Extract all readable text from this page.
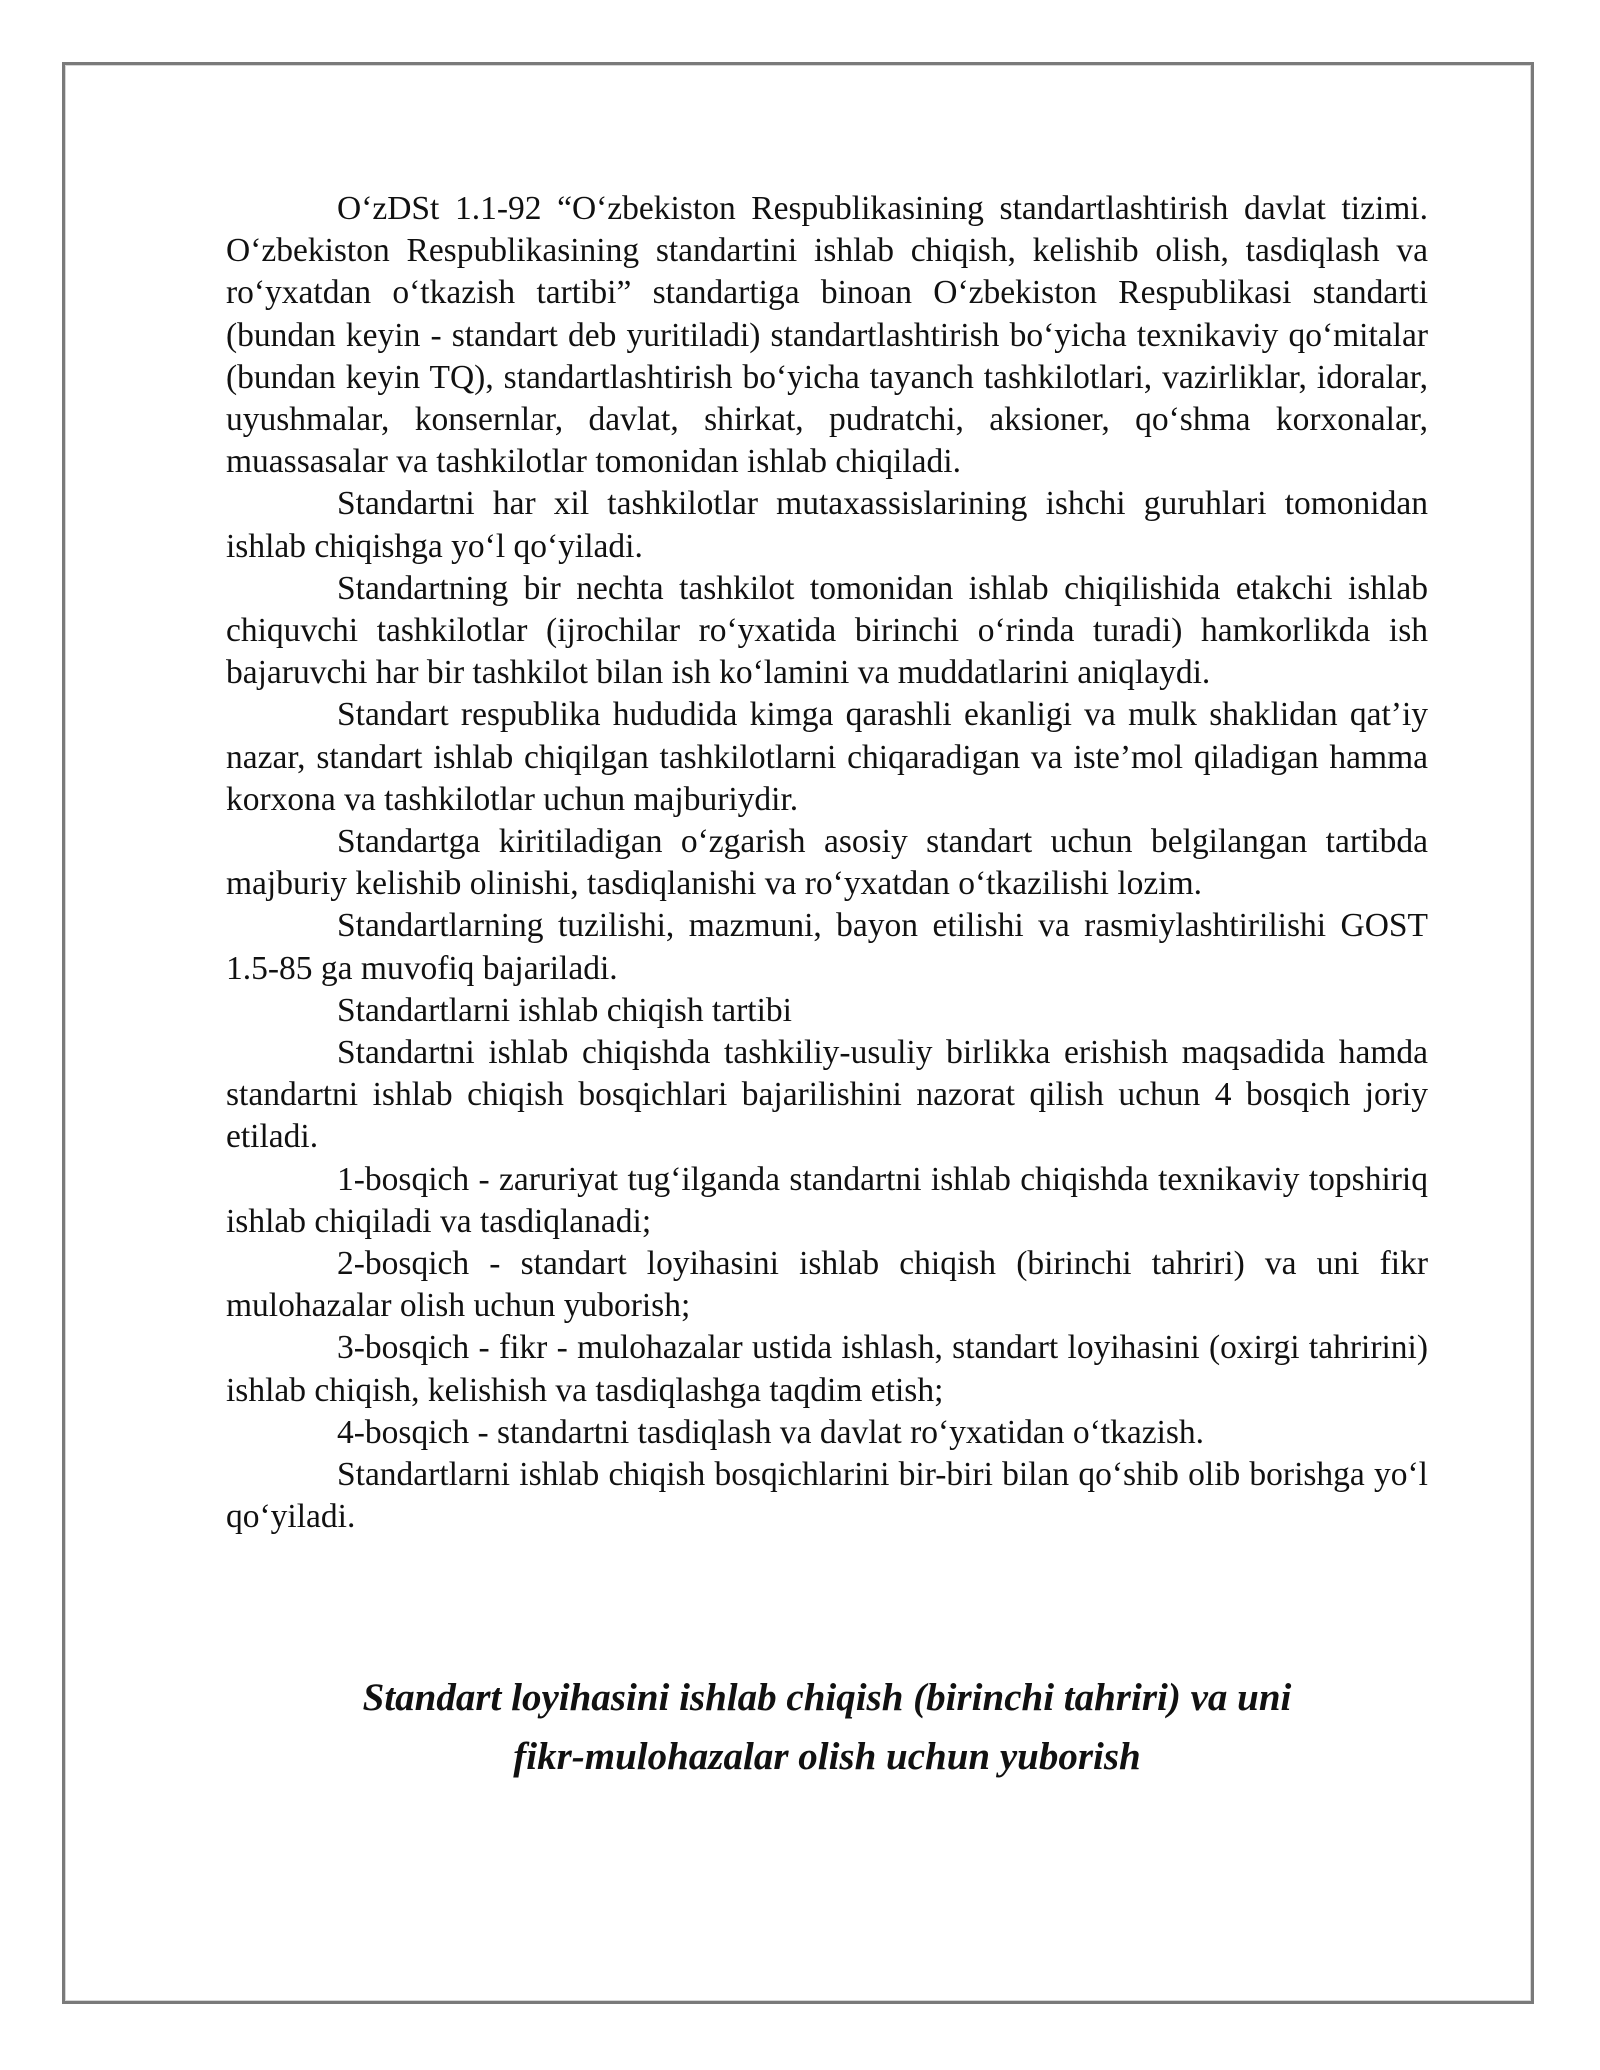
O‘zDSt 1.1-92 “O‘zbekiston Respublikasining standartlashtirish davlat tizimi. O‘zbekiston Respublikasining standartini ishlab chiqish, kelishib olish, tasdiqlash va ro‘yxatdan o‘tkazish tartibi” standartiga binoan O‘zbekiston Respublikasi standarti (bundan keyin - standart deb yuritiladi) standartlashtirish bo‘yicha texnikaviy qo‘mitalar (bundan keyin TQ), standartlashtirish bo‘yicha tayanch tashkilotlari, vazirliklar, idoralar, uyushmalar, konsernlar, davlat, shirkat, pudratchi, aksioner, qo‘shma korxonalar, muassasalar va tashkilotlar tomonidan ishlab chiqiladi.

Standartni har xil tashkilotlar mutaxassislarining ishchi guruhlari tomonidan ishlab chiqishga yo‘l qo‘yiladi.

Standartning bir nechta tashkilot tomonidan ishlab chiqilishida etakchi ishlab chiquvchi tashkilotlar (ijrochilar ro‘yxatida birinchi o‘rinda turadi) hamkorlikda ish bajaruvchi har bir tashkilot bilan ish ko‘lamini va muddatlarini aniqlaydi.

Standart respublika hududida kimga qarashli ekanligi va mulk shaklidan qat’iy nazar, standart ishlab chiqilgan tashkilotlarni chiqaradigan va iste’mol qiladigan hamma korxona va tashkilotlar uchun majburiydir.

Standartga kiritiladigan o‘zgarish asosiy standart uchun belgilangan tartibda majburiy kelishib olinishi, tasdiqlanishi va ro‘yxatdan o‘tkazilishi lozim.

Standartlarning tuzilishi, mazmuni, bayon etilishi va rasmiylashtirilishi GOST 1.5-85 ga muvofiq bajariladi.

Standartlarni ishlab chiqish tartibi

Standartni ishlab chiqishda tashkiliy-usuliy birlikka erishish maqsadida hamda standartni ishlab chiqish bosqichlari bajarilishini nazorat qilish uchun 4 bosqich joriy etiladi.

1-bosqich - zaruriyat tug‘ilganda standartni ishlab chiqishda texnikaviy topshiriq ishlab chiqiladi va tasdiqlanadi;

2-bosqich - standart loyihasini ishlab chiqish (birinchi tahriri) va uni fikr mulohazalar olish uchun yuborish;

3-bosqich - fikr - mulohazalar ustida ishlash, standart loyihasini (oxirgi tahririni) ishlab chiqish, kelishish va tasdiqlashga taqdim etish;

4-bosqich - standartni tasdiqlash va davlat ro‘yxatidan o‘tkazish.

Standartlarni ishlab chiqish bosqichlarini bir-biri bilan qo‘shib olib borishga yo‘l qo‘yiladi.

Standart loyihasini ishlab chiqish (birinchi tahriri) va uni
fikr-mulohazalar olish uchun yuborish
